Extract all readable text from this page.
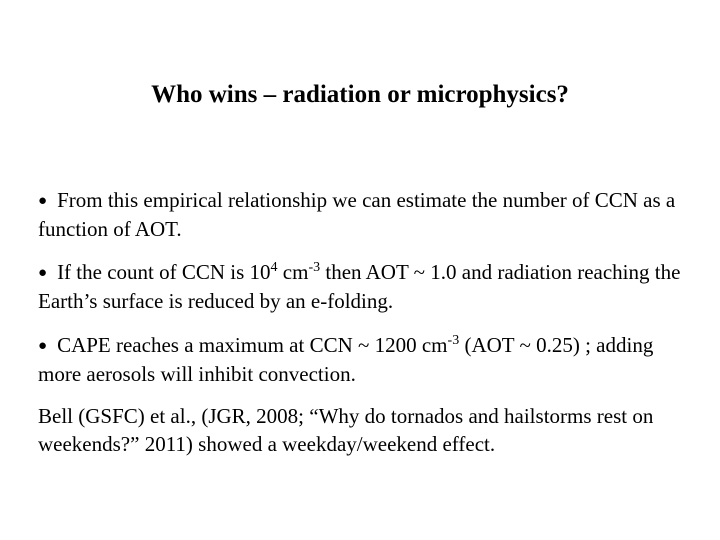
Who wins – radiation or microphysics?
● From this empirical relationship we can estimate the number of CCN as a function of AOT.
● If the count of CCN is $10^4$ $cm^{-3}$ then AOT ~ 1.0 and radiation reaching the Earth’s surface is reduced by an e-folding.
● CAPE reaches a maximum at CCN ~ 1200 $cm^{-3}$ (AOT ~ 0.25) ; adding more aerosols will inhibit convection.
Bell (GSFC) et al., (JGR, 2008; “Why do tornados and hailstorms rest on weekends?” 2011) showed a weekday/weekend effect.
